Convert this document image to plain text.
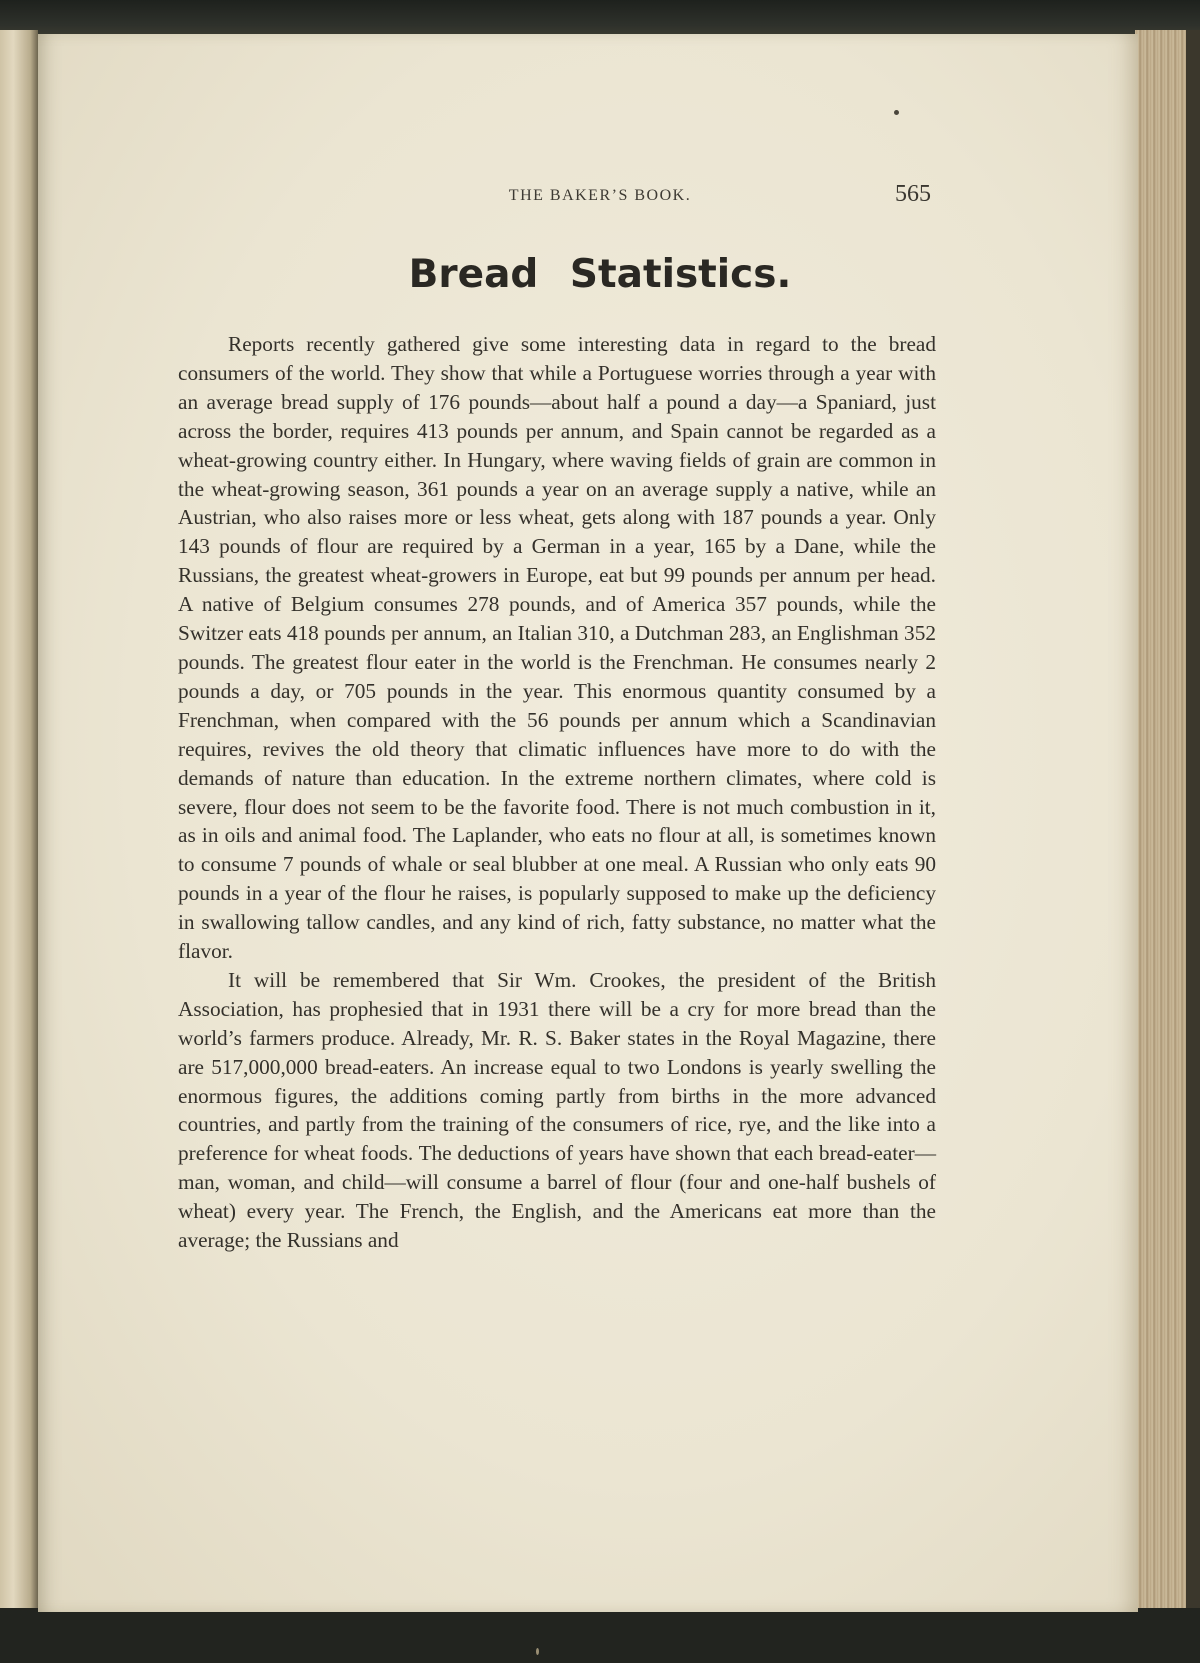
THE BAKER’S BOOK.	565
Bread Statistics.

Reports recently gathered give some interesting data in regard to the bread consumers of the world. They show that while a Portuguese worries through a year with an average bread supply of 176 pounds—about half a pound a day—a Spaniard, just across the border, requires 413 pounds per annum, and Spain cannot be regarded as a wheat-growing country either. In Hungary, where waving fields of grain are common in the wheat-growing season, 361 pounds a year on an average supply a native, while an Austrian, who also raises more or less wheat, gets along with 187 pounds a year. Only 143 pounds of flour are required by a German in a year, 165 by a Dane, while the Russians, the greatest wheat-growers in Europe, eat but 99 pounds per annum per head. A native of Belgium consumes 278 pounds, and of America 357 pounds, while the Switzer eats 418 pounds per annum, an Italian 310, a Dutchman 283, an Englishman 352 pounds. The greatest flour eater in the world is the Frenchman. He consumes nearly 2 pounds a day, or 705 pounds in the year. This enormous quantity consumed by a Frenchman, when compared with the 56 pounds per annum which a Scandinavian requires, revives the old theory that climatic influences have more to do with the demands of nature than education. In the extreme northern climates, where cold is severe, flour does not seem to be the favorite food. There is not much combustion in it, as in oils and animal food. The Laplander, who eats no flour at all, is sometimes known to consume 7 pounds of whale or seal blubber at one meal. A Russian who only eats 90 pounds in a year of the flour he raises, is popularly supposed to make up the deficiency in swallowing tallow candles, and any kind of rich, fatty substance, no matter what the flavor.

It will be remembered that Sir Wm. Crookes, the president of the British Association, has prophesied that in 1931 there will be a cry for more bread than the world’s farmers produce. Already, Mr. R. S. Baker states in the Royal Magazine, there are 517,000,000 bread-eaters. An increase equal to two Londons is yearly swelling the enormous figures, the additions coming partly from births in the more advanced countries, and partly from the training of the consumers of rice, rye, and the like into a preference for wheat foods. The deductions of years have shown that each bread-eater—man, woman, and child—will consume a barrel of flour (four and one-half bushels of wheat) every year. The French, the English, and the Americans eat more than the average; the Russians and
